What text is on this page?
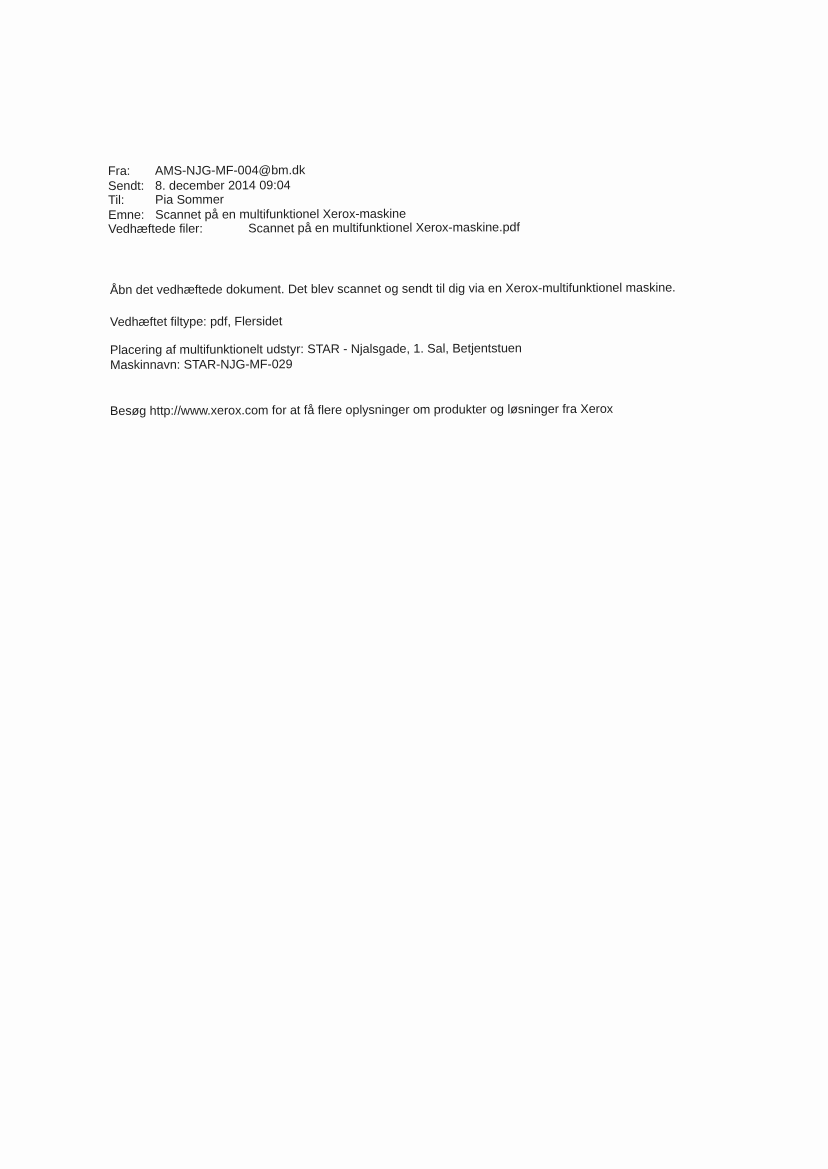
Fra: AMS-NJG-MF-004@bm.dk
Sendt: 8. december 2014 09:04
Til: Pia Sommer
Emne: Scannet på en multifunktionel Xerox-maskine
Vedhæftede filer:	Scannet på en multifunktionel Xerox-maskine.pdf
Åbn det vedhæftede dokument. Det blev scannet og sendt til dig via en Xerox-multifunktionel maskine.
Vedhæftet filtype: pdf, Flersidet
Placering af multifunktionelt udstyr: STAR - Njalsgade, 1. Sal, Betjentstuen
Maskinnavn: STAR-NJG-MF-029
Besøg http://www.xerox.com for at få flere oplysninger om produkter og løsninger fra Xerox
